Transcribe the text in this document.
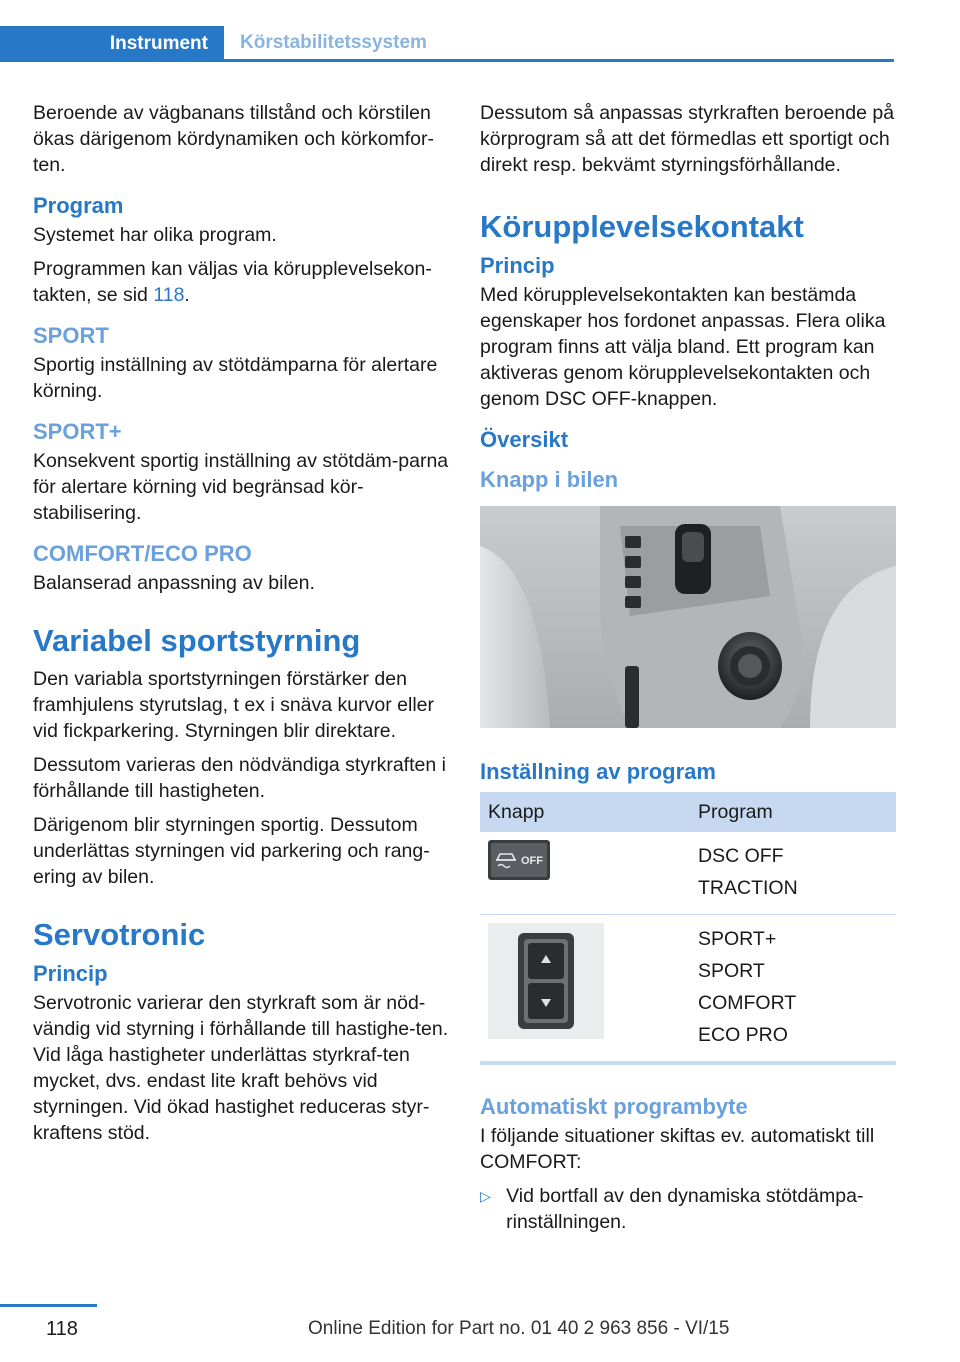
Instrument	Körstabilitetssystem

Beroende av vägbanans tillstånd och körstilen ökas därigenom kördynamiken och körkomfor-ten.

Program

Systemet har olika program.

Programmen kan väljas via körupplevelsekon-takten, se sid 118.

SPORT

Sportig inställning av stötdämparna för alertare körning.

SPORT+

Konsekvent sportig inställning av stötdäm-parna för alertare körning vid begränsad kör-stabilisering.

COMFORT/ECO PRO

Balanserad anpassning av bilen.

Variabel sportstyrning

Den variabla sportstyrningen förstärker den framhjulens styrutslag, t ex i snäva kurvor eller vid fickparkering. Styrningen blir direktare.

Dessutom varieras den nödvändiga styrkraften i förhållande till hastigheten.

Därigenom blir styrningen sportig. Dessutom underlättas styrningen vid parkering och rang-ering av bilen.

Servotronic
Princip

Servotronic varierar den styrkraft som är nöd-vändig vid styrning i förhållande till hastighe-ten. Vid låga hastigheter underlättas styrkraf-ten mycket, dvs. endast lite kraft behövs vid styrningen. Vid ökad hastighet reduceras styr-kraftens stöd.

Dessutom så anpassas styrkraften beroende på körprogram så att det förmedlas ett sportigt och direkt resp. bekvämt styrningsförhållande.

Körupplevelsekontakt
Princip

Med körupplevelsekontakten kan bestämda egenskaper hos fordonet anpassas. Flera olika program finns att välja bland. Ett program kan aktiveras genom körupplevelsekontakten och genom DSC OFF-knappen.

Översikt
Knapp i bilen
Inställning av program
Knapp	Program

OFF	DSC OFF
TRACTION

SPORT+
SPORT
COMFORT
ECO PRO
Automatiskt programbyte

I följande situationer skiftas ev. automatiskt till COMFORT:

▷ Vid bortfall av den dynamiska stötdämpa-rinställningen.
118	Online Edition for Part no. 01 40 2 963 856 - VI/15
